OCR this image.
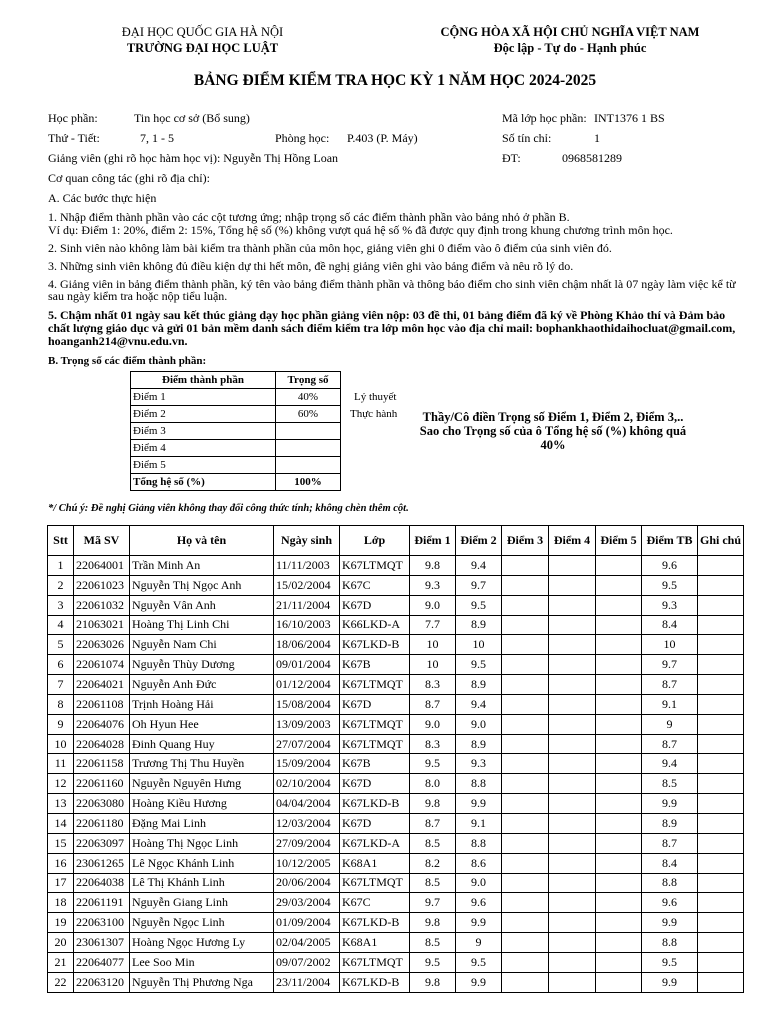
ĐẠI HỌC QUỐC GIA HÀ NỘI
TRƯỜNG ĐẠI HỌC LUẬT
CỘNG HÒA XÃ HỘI CHỦ NGHĨA VIỆT NAM
Độc lập - Tự do - Hạnh phúc
BẢNG ĐIỂM KIỂM TRA HỌC KỲ 1 NĂM HỌC 2024-2025
Học phần:	Tin học cơ sở (Bổ sung)	Mã lớp học phần: INT1376 1 BS
Thứ - Tiết:	7, 1 - 5	Phòng học: P.403 (P. Máy)	Số tín chỉ:	1
Giảng viên (ghi rõ học hàm học vị): Nguyễn Thị Hồng Loan	ĐT:	0968581289
Cơ quan công tác (ghi rõ địa chỉ):
A. Các bước thực hiện
1. Nhập điểm thành phần vào các cột tương ứng; nhập trọng số các điểm thành phần vào bảng nhỏ ở phần B.
Ví dụ: Điểm 1: 20%, điểm 2: 15%, Tổng hệ số (%) không vượt quá hệ số % đã được quy định trong khung chương trình môn học.
2. Sinh viên nào không làm bài kiểm tra thành phần của môn học, giảng viên ghi 0 điểm vào ô điểm của sinh viên đó.
3. Những sinh viên không đủ điều kiện dự thi hết môn, đề nghị giảng viên ghi vào bảng điểm và nêu rõ lý do.
4. Giảng viên in bảng điểm thành phần, ký tên vào bảng điểm thành phần và thông báo điểm cho sinh viên chậm nhất là 07 ngày làm việc kể từ sau ngày kiểm tra hoặc nộp tiểu luận.
5. Chậm nhất 01 ngày sau kết thúc giảng dạy học phần giảng viên nộp: 03 đề thi, 01 bảng điểm đã ký về Phòng Khảo thí và Đảm bảo chất lượng giáo dục và gửi 01 bản mềm danh sách điểm kiểm tra lớp môn học vào địa chỉ mail: bophankhaothidaihocluat@gmail.com, hoanganh214@vnu.edu.vn.
B. Trọng số các điểm thành phần:
Điểm thành phần	Trọng số
Điểm 1	40%
Điểm 2	60%
Điểm 3	
Điểm 4	
Điểm 5	
Tổng hệ số (%)	100%
Lý thuyết
Thực hành	Thầy/Cô điền Trọng số Điểm 1, Điểm 2, Điểm 3,.. Sao cho Trọng số của ô Tổng hệ số (%) không quá 40%
*/ Chú ý: Đề nghị Giảng viên không thay đổi công thức tính; không chèn thêm cột.
Stt	Mã SV	Họ và tên	Ngày sinh	Lớp	Điểm 1	Điểm 2	Điểm 3	Điểm 4	Điểm 5	Điểm TB	Ghi chú
1	22064001	Trần Minh An	11/11/2003	K67LTMQT	9.8	9.4				9.6	
2	22061023	Nguyễn Thị Ngọc Anh	15/02/2004	K67C	9.3	9.7				9.5	
3	22061032	Nguyễn Vân Anh	21/11/2004	K67D	9.0	9.5				9.3	
4	21063021	Hoàng Thị Linh Chi	16/10/2003	K66LKD-A	7.7	8.9				8.4	
5	22063026	Nguyễn Nam Chi	18/06/2004	K67LKD-B	10	10				10	
6	22061074	Nguyễn Thùy Dương	09/01/2004	K67B	10	9.5				9.7	
7	22064021	Nguyễn Anh Đức	01/12/2004	K67LTMQT	8.3	8.9				8.7	
8	22061108	Trịnh Hoàng Hải	15/08/2004	K67D	8.7	9.4				9.1	
9	22064076	Oh Hyun Hee	13/09/2003	K67LTMQT	9.0	9.0				9	
10	22064028	Đinh Quang Huy	27/07/2004	K67LTMQT	8.3	8.9				8.7	
11	22061158	Trương Thị Thu Huyền	15/09/2004	K67B	9.5	9.3				9.4	
12	22061160	Nguyễn Nguyên Hưng	02/10/2004	K67D	8.0	8.8				8.5	
13	22063080	Hoàng Kiều Hương	04/04/2004	K67LKD-B	9.8	9.9				9.9	
14	22061180	Đặng Mai Linh	12/03/2004	K67D	8.7	9.1				8.9	
15	22063097	Hoàng Thị Ngọc Linh	27/09/2004	K67LKD-A	8.5	8.8				8.7	
16	23061265	Lê Ngọc Khánh Linh	10/12/2005	K68A1	8.2	8.6				8.4	
17	22064038	Lê Thị Khánh Linh	20/06/2004	K67LTMQT	8.5	9.0				8.8	
18	22061191	Nguyễn Giang Linh	29/03/2004	K67C	9.7	9.6				9.6	
19	22063100	Nguyễn Ngọc Linh	01/09/2004	K67LKD-B	9.8	9.9				9.9	
20	23061307	Hoàng Ngọc Hương Ly	02/04/2005	K68A1	8.5	9				8.8	
21	22064077	Lee Soo Min	09/07/2002	K67LTMQT	9.5	9.5				9.5	
22	22063120	Nguyễn Thị Phương Nga	23/11/2004	K67LKD-B	9.8	9.9				9.9	
